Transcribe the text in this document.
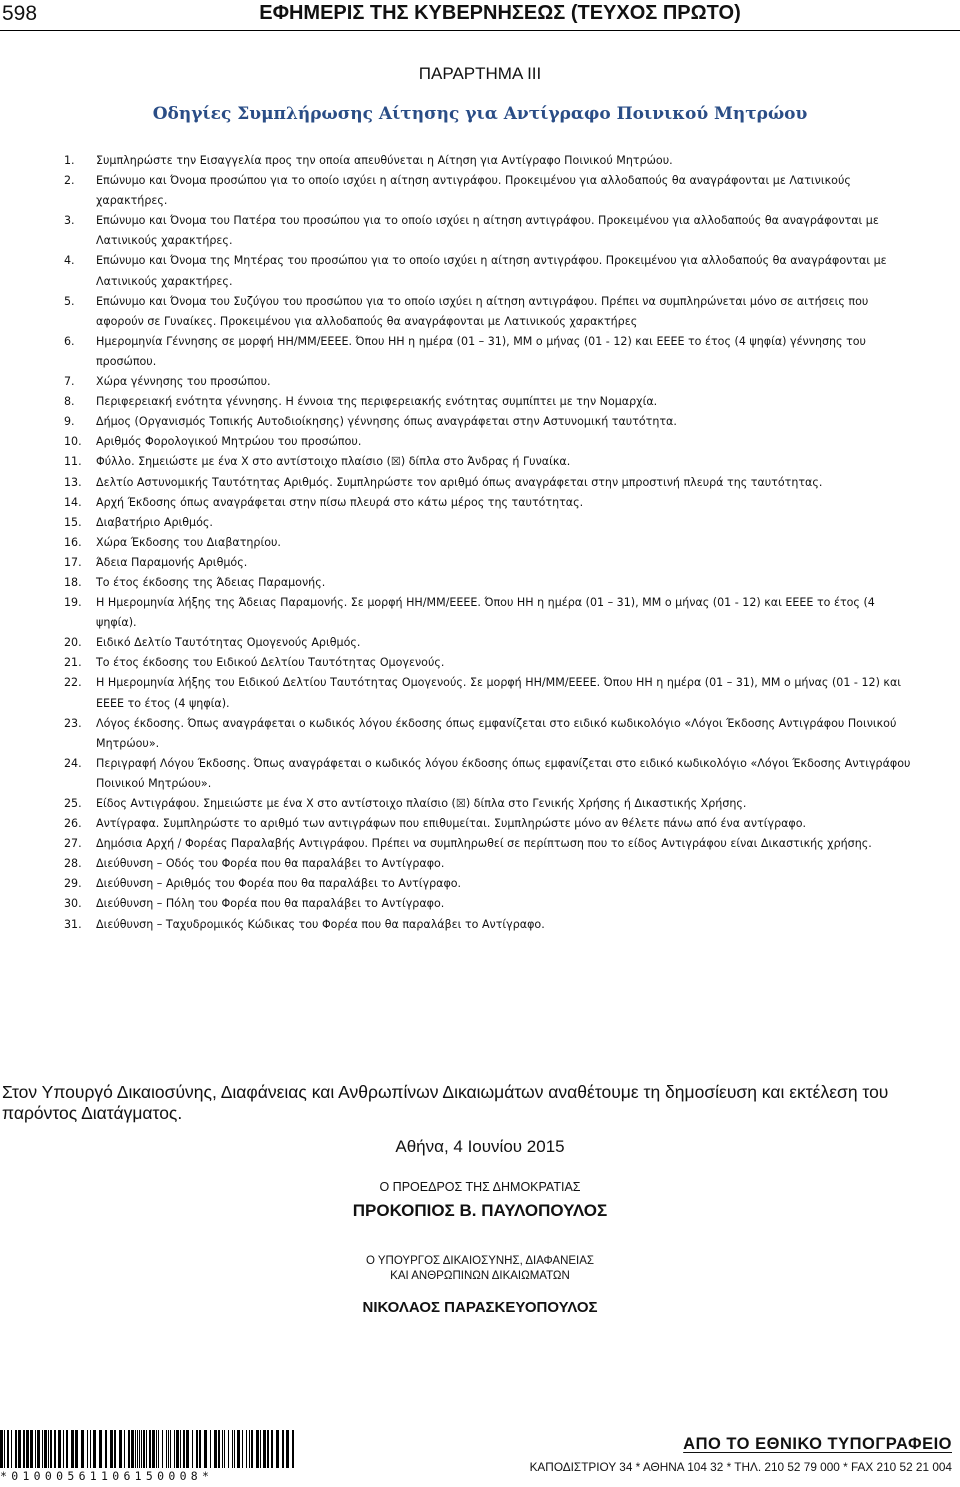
598	ΕΦΗΜΕΡΙΣ ΤΗΣ ΚΥΒΕΡΝΗΣΕΩΣ (ΤΕΥΧΟΣ ΠΡΩΤΟ)
ΠΑΡΑΡΤΗΜΑ ΙΙΙ
Οδηγίες Συμπλήρωσης Αίτησης για Αντίγραφο Ποινικού Μητρώου
1. Συμπληρώστε την Εισαγγελία προς την οποία απευθύνεται η Αίτηση για Αντίγραφο Ποινικού Μητρώου.
2. Επώνυμο και Όνομα προσώπου για το οποίο ισχύει η αίτηση αντιγράφου. Προκειμένου για αλλοδαπούς θα αναγράφονται με Λατινικούς χαρακτήρες.
3. Επώνυμο και Όνομα του Πατέρα του προσώπου για το οποίο ισχύει η αίτηση αντιγράφου. Προκειμένου για αλλοδαπούς θα αναγράφονται με Λατινικούς χαρακτήρες.
4. Επώνυμο και Όνομα της Μητέρας του προσώπου για το οποίο ισχύει η αίτηση αντιγράφου. Προκειμένου για αλλοδαπούς θα αναγράφονται με Λατινικούς χαρακτήρες.
5. Επώνυμο και Όνομα του Συζύγου του προσώπου για το οποίο ισχύει η αίτηση αντιγράφου. Πρέπει να συμπληρώνεται μόνο σε αιτήσεις που αφορούν σε Γυναίκες. Προκειμένου για αλλοδαπούς θα αναγράφονται με Λατινικούς χαρακτήρες
6. Ημερομηνία Γέννησης σε μορφή ΗΗ/ΜΜ/ΕΕΕΕ. Όπου ΗΗ η ημέρα (01 – 31), ΜΜ ο μήνας (01 - 12) και ΕΕΕΕ το έτος (4 ψηφία) γέννησης του προσώπου.
7. Χώρα γέννησης του προσώπου.
8. Περιφερειακή ενότητα γέννησης. Η έννοια της περιφερειακής ενότητας συμπίπτει με την Νομαρχία.
9. Δήμος (Οργανισμός Τοπικής Αυτοδιοίκησης) γέννησης όπως αναγράφεται στην Αστυνομική ταυτότητα.
10. Αριθμός Φορολογικού Μητρώου του προσώπου.
11. Φύλλο. Σημειώστε με ένα Χ στο αντίστοιχο πλαίσιο (☒) δίπλα στο Άνδρας ή Γυναίκα.
13. Δελτίο Αστυνομικής Ταυτότητας Αριθμός. Συμπληρώστε τον αριθμό όπως αναγράφεται στην μπροστινή πλευρά της ταυτότητας.
14. Αρχή Έκδοσης όπως αναγράφεται στην πίσω πλευρά στο κάτω μέρος της ταυτότητας.
15. Διαβατήριο Αριθμός.
16. Χώρα Έκδοσης του Διαβατηρίου.
17. Άδεια Παραμονής Αριθμός.
18. Το έτος έκδοσης της Άδειας Παραμονής.
19. Η Ημερομηνία λήξης της Άδειας Παραμονής. Σε μορφή ΗΗ/ΜΜ/ΕΕΕΕ. Όπου ΗΗ η ημέρα (01 – 31), ΜΜ ο μήνας (01 - 12) και ΕΕΕΕ το έτος (4 ψηφία).
20. Ειδικό Δελτίο Ταυτότητας Ομογενούς Αριθμός.
21. Το έτος έκδοσης του Ειδικού Δελτίου Ταυτότητας Ομογενούς.
22. Η Ημερομηνία λήξης του Ειδικού Δελτίου Ταυτότητας Ομογενούς. Σε μορφή ΗΗ/ΜΜ/ΕΕΕΕ. Όπου ΗΗ η ημέρα (01 – 31), ΜΜ ο μήνας (01 - 12) και ΕΕΕΕ το έτος (4 ψηφία).
23. Λόγος έκδοσης. Όπως αναγράφεται ο κωδικός λόγου έκδοσης όπως εμφανίζεται στο ειδικό κωδικολόγιο «Λόγοι Έκδοσης Αντιγράφου Ποινικού Μητρώου».
24. Περιγραφή Λόγου Έκδοσης. Όπως αναγράφεται ο κωδικός λόγου έκδοσης όπως εμφανίζεται στο ειδικό κωδικολόγιο «Λόγοι Έκδοσης Αντιγράφου Ποινικού Μητρώου».
25. Είδος Αντιγράφου. Σημειώστε με ένα Χ στο αντίστοιχο πλαίσιο (☒) δίπλα στο Γενικής Χρήσης ή Δικαστικής Χρήσης.
26. Αντίγραφα. Συμπληρώστε το αριθμό των αντιγράφων που επιθυμείται. Συμπληρώστε μόνο αν θέλετε πάνω από ένα αντίγραφο.
27. Δημόσια Αρχή / Φορέας Παραλαβής Αντιγράφου. Πρέπει να συμπληρωθεί σε περίπτωση που το είδος Αντιγράφου είναι Δικαστικής χρήσης.
28. Διεύθυνση – Οδός του Φορέα που θα παραλάβει το Αντίγραφο.
29. Διεύθυνση – Αριθμός του Φορέα που θα παραλάβει το Αντίγραφο.
30. Διεύθυνση – Πόλη του Φορέα που θα παραλάβει το Αντίγραφο.
31. Διεύθυνση – Ταχυδρομικός Κώδικας του Φορέα που θα παραλάβει το Αντίγραφο.
Στον Υπουργό Δικαιοσύνης, Διαφάνειας και Ανθρωπίνων Δικαιωμάτων αναθέτουμε τη δημοσίευση και εκτέλεση του παρόντος Διατάγματος.
Αθήνα, 4 Ιουνίου 2015
Ο ΠΡΟΕΔΡΟΣ ΤΗΣ ΔΗΜΟΚΡΑΤΙΑΣ
ΠΡΟΚΟΠΙΟΣ Β. ΠΑΥΛΟΠΟΥΛΟΣ
Ο ΥΠΟΥΡΓΟΣ ΔΙΚΑΙΟΣΥΝΗΣ, ΔΙΑΦΑΝΕΙΑΣ
ΚΑΙ ΑΝΘΡΩΠΙΝΩΝ ΔΙΚΑΙΩΜΑΤΩΝ
ΝΙΚΟΛΑΟΣ ΠΑΡΑΣΚΕΥΟΠΟΥΛΟΣ
*01000561106150008*
ΑΠΟ ΤΟ ΕΘΝΙΚΟ ΤΥΠΟΓΡΑΦΕΙΟ
ΚΑΠΟΔΙΣΤΡΙΟΥ 34 * ΑΘΗΝΑ 104 32 * ΤΗΛ. 210 52 79 000 * FAX 210 52 21 004
